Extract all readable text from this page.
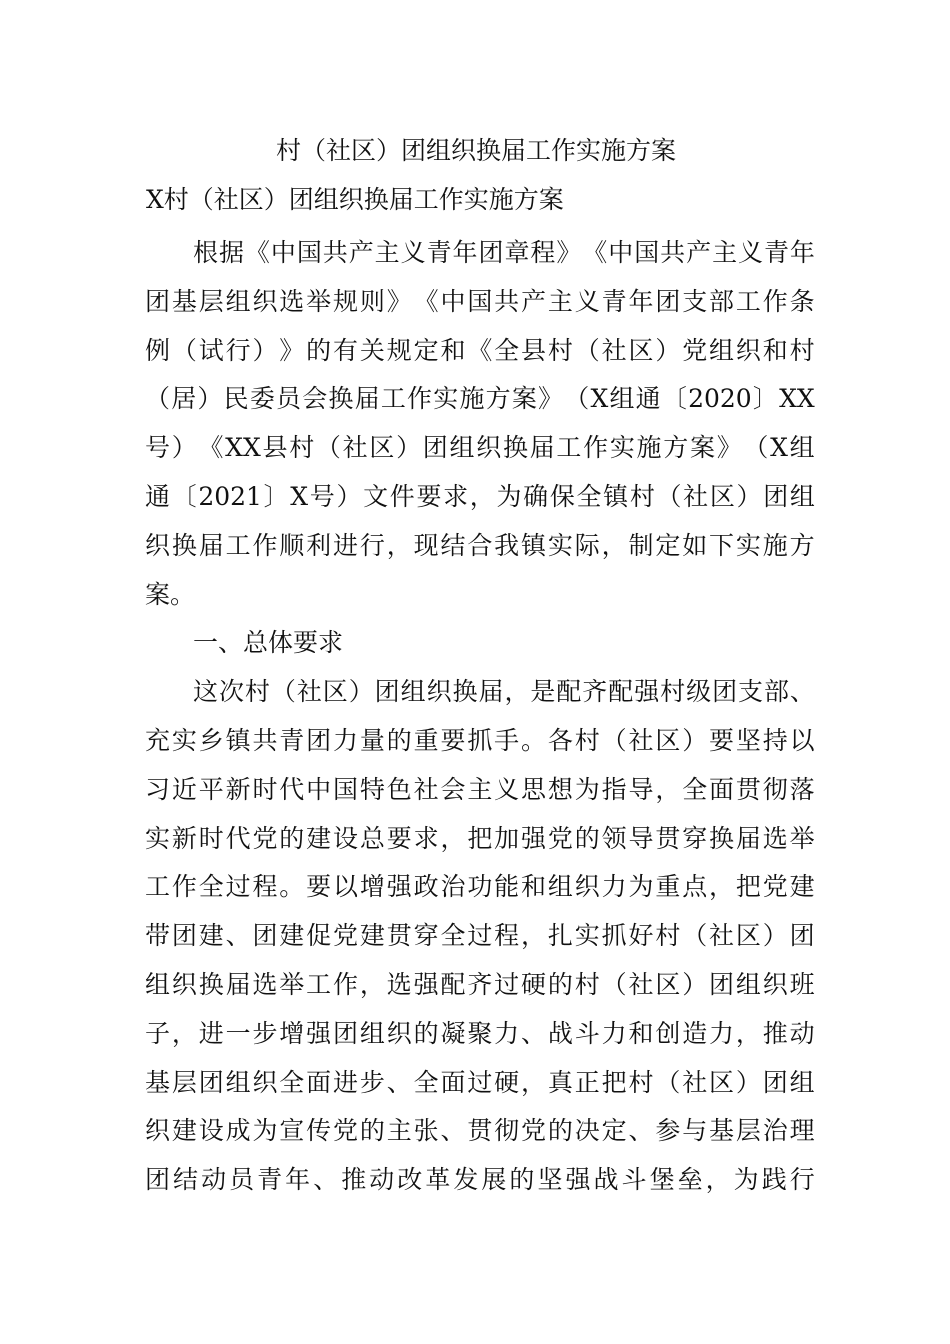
村（社区）团组织换届工作实施方案
X村（社区）团组织换届工作实施方案
根 据 《 中 国 共 产 主 义 青 年 团 章 程 》 《 中 国 共 产 主 义 青 年
团 基 层 组 织 选 举 规 则 》 《 中 国 共 产 主 义 青 年 团 支 部 工 作 条
例 （ 试 行 ） 》 的 有 关 规 定 和 《 全 县 村 （ 社 区 ） 党 组 织 和 村
（ 居 ） 民 委 员 会 换 届 工 作 实 施 方 案 》 （ X 组 通 〔 2020 〕 XX
号 ） 《 XX 县 村 （ 社 区 ） 团 组 织 换 届 工 作 实 施 方 案 》 （ X 组
通 〔 2021 〕 X 号 ） 文 件 要 求 ， 为 确 保 全 镇 村 （ 社 区 ） 团 组
织 换 届 工 作 顺 利 进 行 ， 现 结 合 我 镇 实 际 ， 制 定 如 下 实 施 方
案。
一、总体要求
这 次 村 （ 社 区 ） 团 组 织 换 届 ， 是 配 齐 配 强 村 级 团 支 部 、
充 实 乡 镇 共 青 团 力 量 的 重 要 抓 手 。 各 村 （ 社 区 ） 要 坚 持 以
习 近 平 新 时 代 中 国 特 色 社 会 主 义 思 想 为 指 导 ， 全 面 贯 彻 落
实 新 时 代 党 的 建 设 总 要 求 ， 把 加 强 党 的 领 导 贯 穿 换 届 选 举
工 作 全 过 程 。 要 以 增 强 政 治 功 能 和 组 织 力 为 重 点 ， 把 党 建
带 团 建 、 团 建 促 党 建 贯 穿 全 过 程 ， 扎 实 抓 好 村 （ 社 区 ） 团
组 织 换 届 选 举 工 作 ， 选 强 配 齐 过 硬 的 村 （ 社 区 ） 团 组 织 班
子 ， 进 一 步 增 强 团 组 织 的 凝 聚 力 、 战 斗 力 和 创 造 力 ， 推 动
基 层 团 组 织 全 面 进 步 、 全 面 过 硬 ， 真 正 把 村 （ 社 区 ） 团 组
织 建 设 成 为 宣 传 党 的 主 张 、 贯 彻 党 的 决 定 、 参 与 基 层 治 理
团 结 动 员 青 年 、 推 动 改 革 发 展 的 坚 强 战 斗 堡 垒 ， 为 践 行
